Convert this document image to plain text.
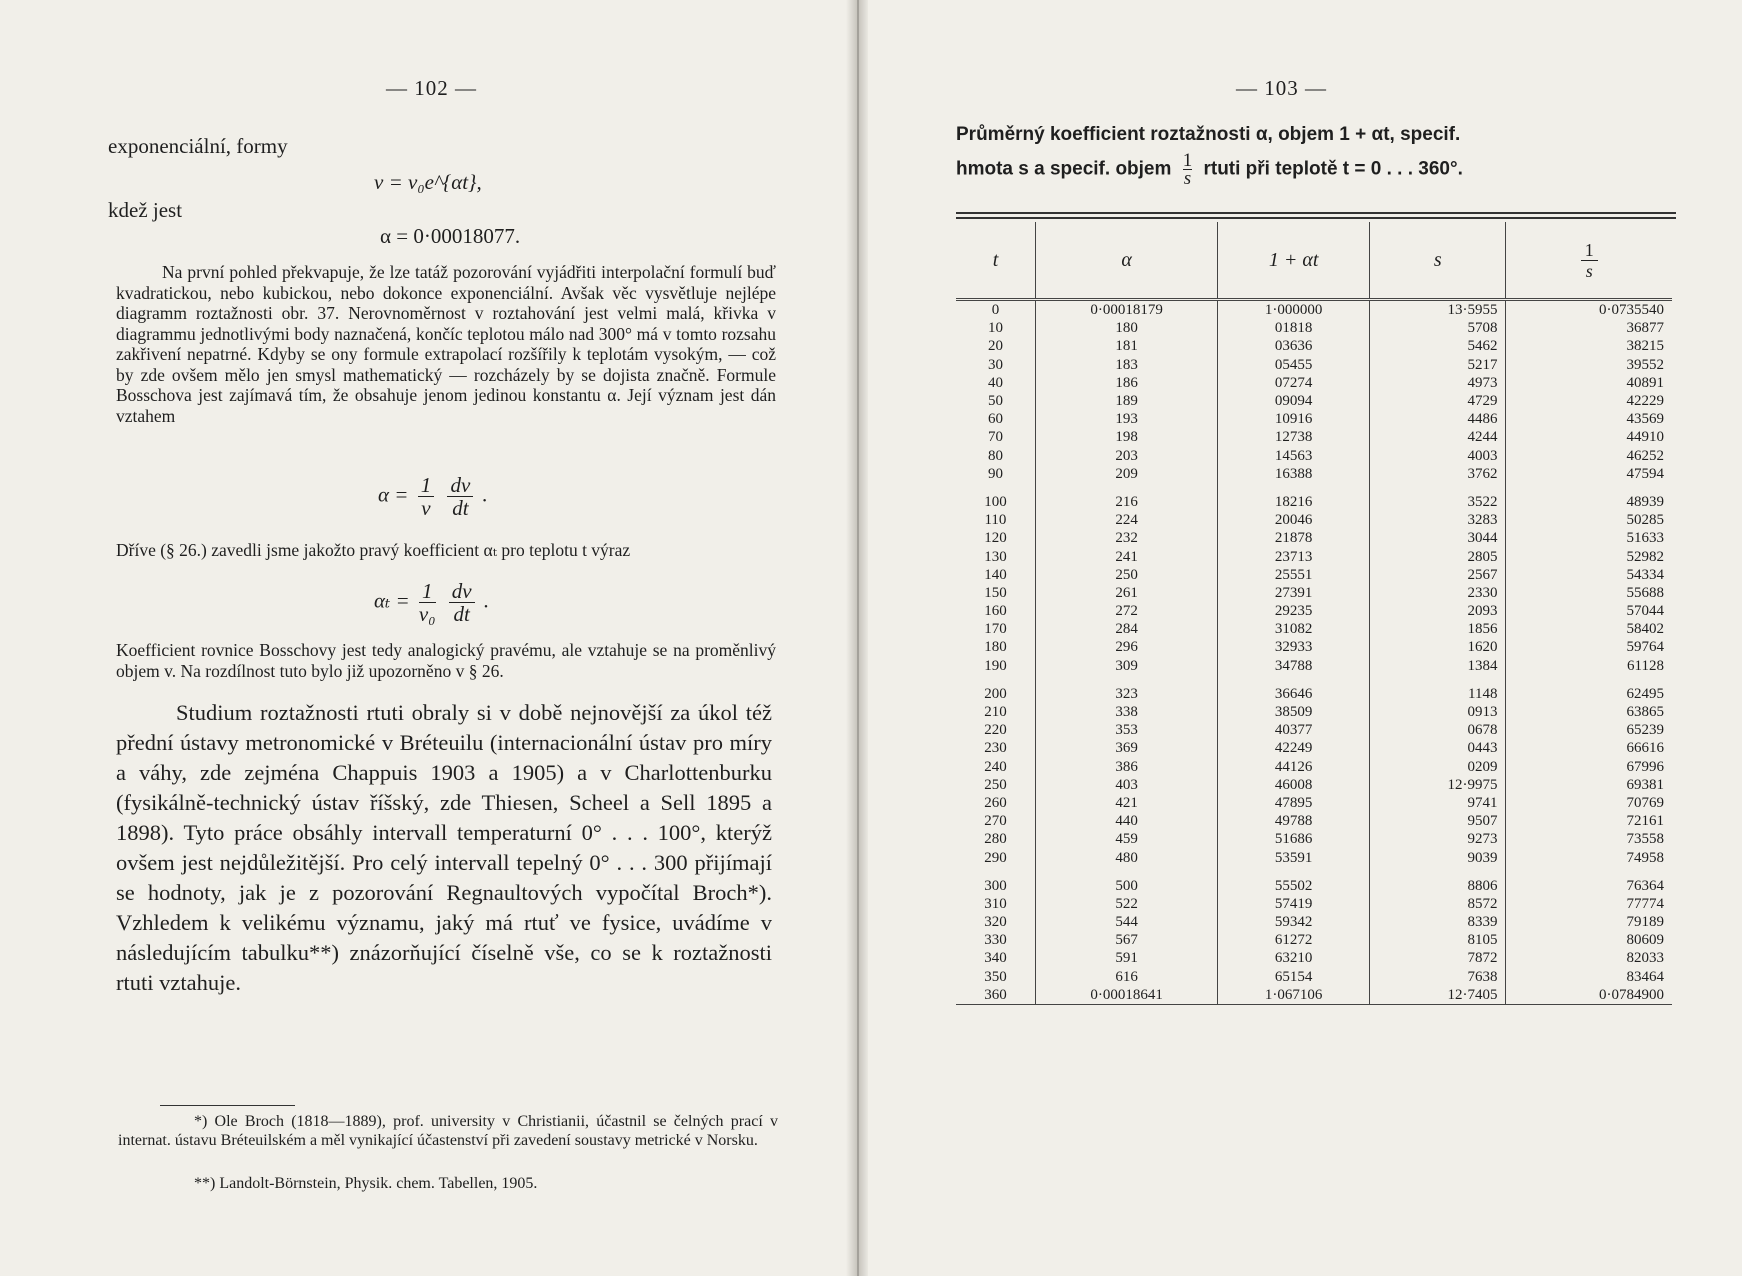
— 102 —
exponenciální, formy
v = v₀e^{αt},
kdež jest
α = 0·00018077.
Na první pohled překvapuje, že lze tatáž pozorování vyjádřiti interpolační formulí buď kvadratickou, nebo kubickou, nebo dokonce exponenciální. Avšak věc vysvětluje nejlépe diagramm roztažnosti obr. 37. Nerovnoměrnost v roztahování jest velmi malá, křivka v diagrammu jednotlivými body naznačená, končíc teplotou málo nad 300° má v tomto rozsahu zakřivení nepatrné. Kdyby se ony formule extrapolací rozšířily k teplotám vysokým, — což by zde ovšem mělo jen smysl mathematický — rozcházely by se dojista značně. Formule Bosschova jest zajímavá tím, že obsahuje jenom jedinou konstantu α. Její význam jest dán vztahem
$\alpha = \frac{1}{v}$
$\frac{dv}{dt}$ .
Dříve (§ 26.) zavedli jsme jakožto pravý koefficient αₜ pro teplotu t výraz
$\alpha_t = \frac{1}{\text{v₀}}$
$\frac{dv}{dt}$ .
Koefficient rovnice Bosschovy jest tedy analogický pravému, ale vztahuje se na proměnlivý objem v. Na rozdílnost tuto bylo již upozorněno v § 26.
Studium roztažnosti rtuti obraly si v době nejnovější za úkol též přední ústavy metronomické v Bréteuilu (internacionální ústav pro míry a váhy, zde zejména Chappuis 1903 a 1905) a v Charlottenburku (fysikálně-technický ústav říšský, zde Thiesen, Scheel a Sell 1895 a 1898). Tyto práce obsáhly intervall temperaturní 0° . . . 100°, kterýž ovšem jest nejdůležitější. Pro celý intervall tepelný 0° . . . 300 přijímají se hodnoty, jak je z pozorování Regnaultových vypočítal Broch*). Vzhledem k velikému významu, jaký má rtuť ve fysice, uvádíme v následujícím tabulku**) znázorňující číselně vše, co se k roztažnosti rtuti vztahuje.
*) Ole Broch (1818—1889), prof. university v Christianii, účastnil se čelných prací v internat. ústavu Bréteuilském a měl vynikající účastenství při zavedení soustavy metrické v Norsku.
**) Landolt-Börnstein, Physik. chem. Tabellen, 1905.
— 103 —
Průměrný koefficient roztažnosti α, objem 1 + αt, specif.
hmota s a specif. objem $\frac{1}{s}$ rtuti při teplotě t = 0 . . . 360°.
t	α	1 + αt	s	$\frac{1}{s}$
0	0·00018179	1·000000	13·5955	0·0735540
10	180	01818	5708	36877
20	181	03636	5462	38215
30	183	05455	5217	39552
40	186	07274	4973	40891
50	189	09094	4729	42229
60	193	10916	4486	43569
70	198	12738	4244	44910
80	203	14563	4003	46252
90	209	16388	3762	47594

100	216	18216	3522	48939
110	224	20046	3283	50285
120	232	21878	3044	51633
130	241	23713	2805	52982
140	250	25551	2567	54334
150	261	27391	2330	55688
160	272	29235	2093	57044
170	284	31082	1856	58402
180	296	32933	1620	59764
190	309	34788	1384	61128

200	323	36646	1148	62495
210	338	38509	0913	63865
220	353	40377	0678	65239
230	369	42249	0443	66616
240	386	44126	0209	67996
250	403	46008	12·9975	69381
260	421	47895	9741	70769
270	440	49788	9507	72161
280	459	51686	9273	73558
290	480	53591	9039	74958

300	500	55502	8806	76364
310	522	57419	8572	77774
320	544	59342	8339	79189
330	567	61272	8105	80609
340	591	63210	7872	82033
350	616	65154	7638	83464
360	0·00018641	1·067106	12·7405	0·0784900
